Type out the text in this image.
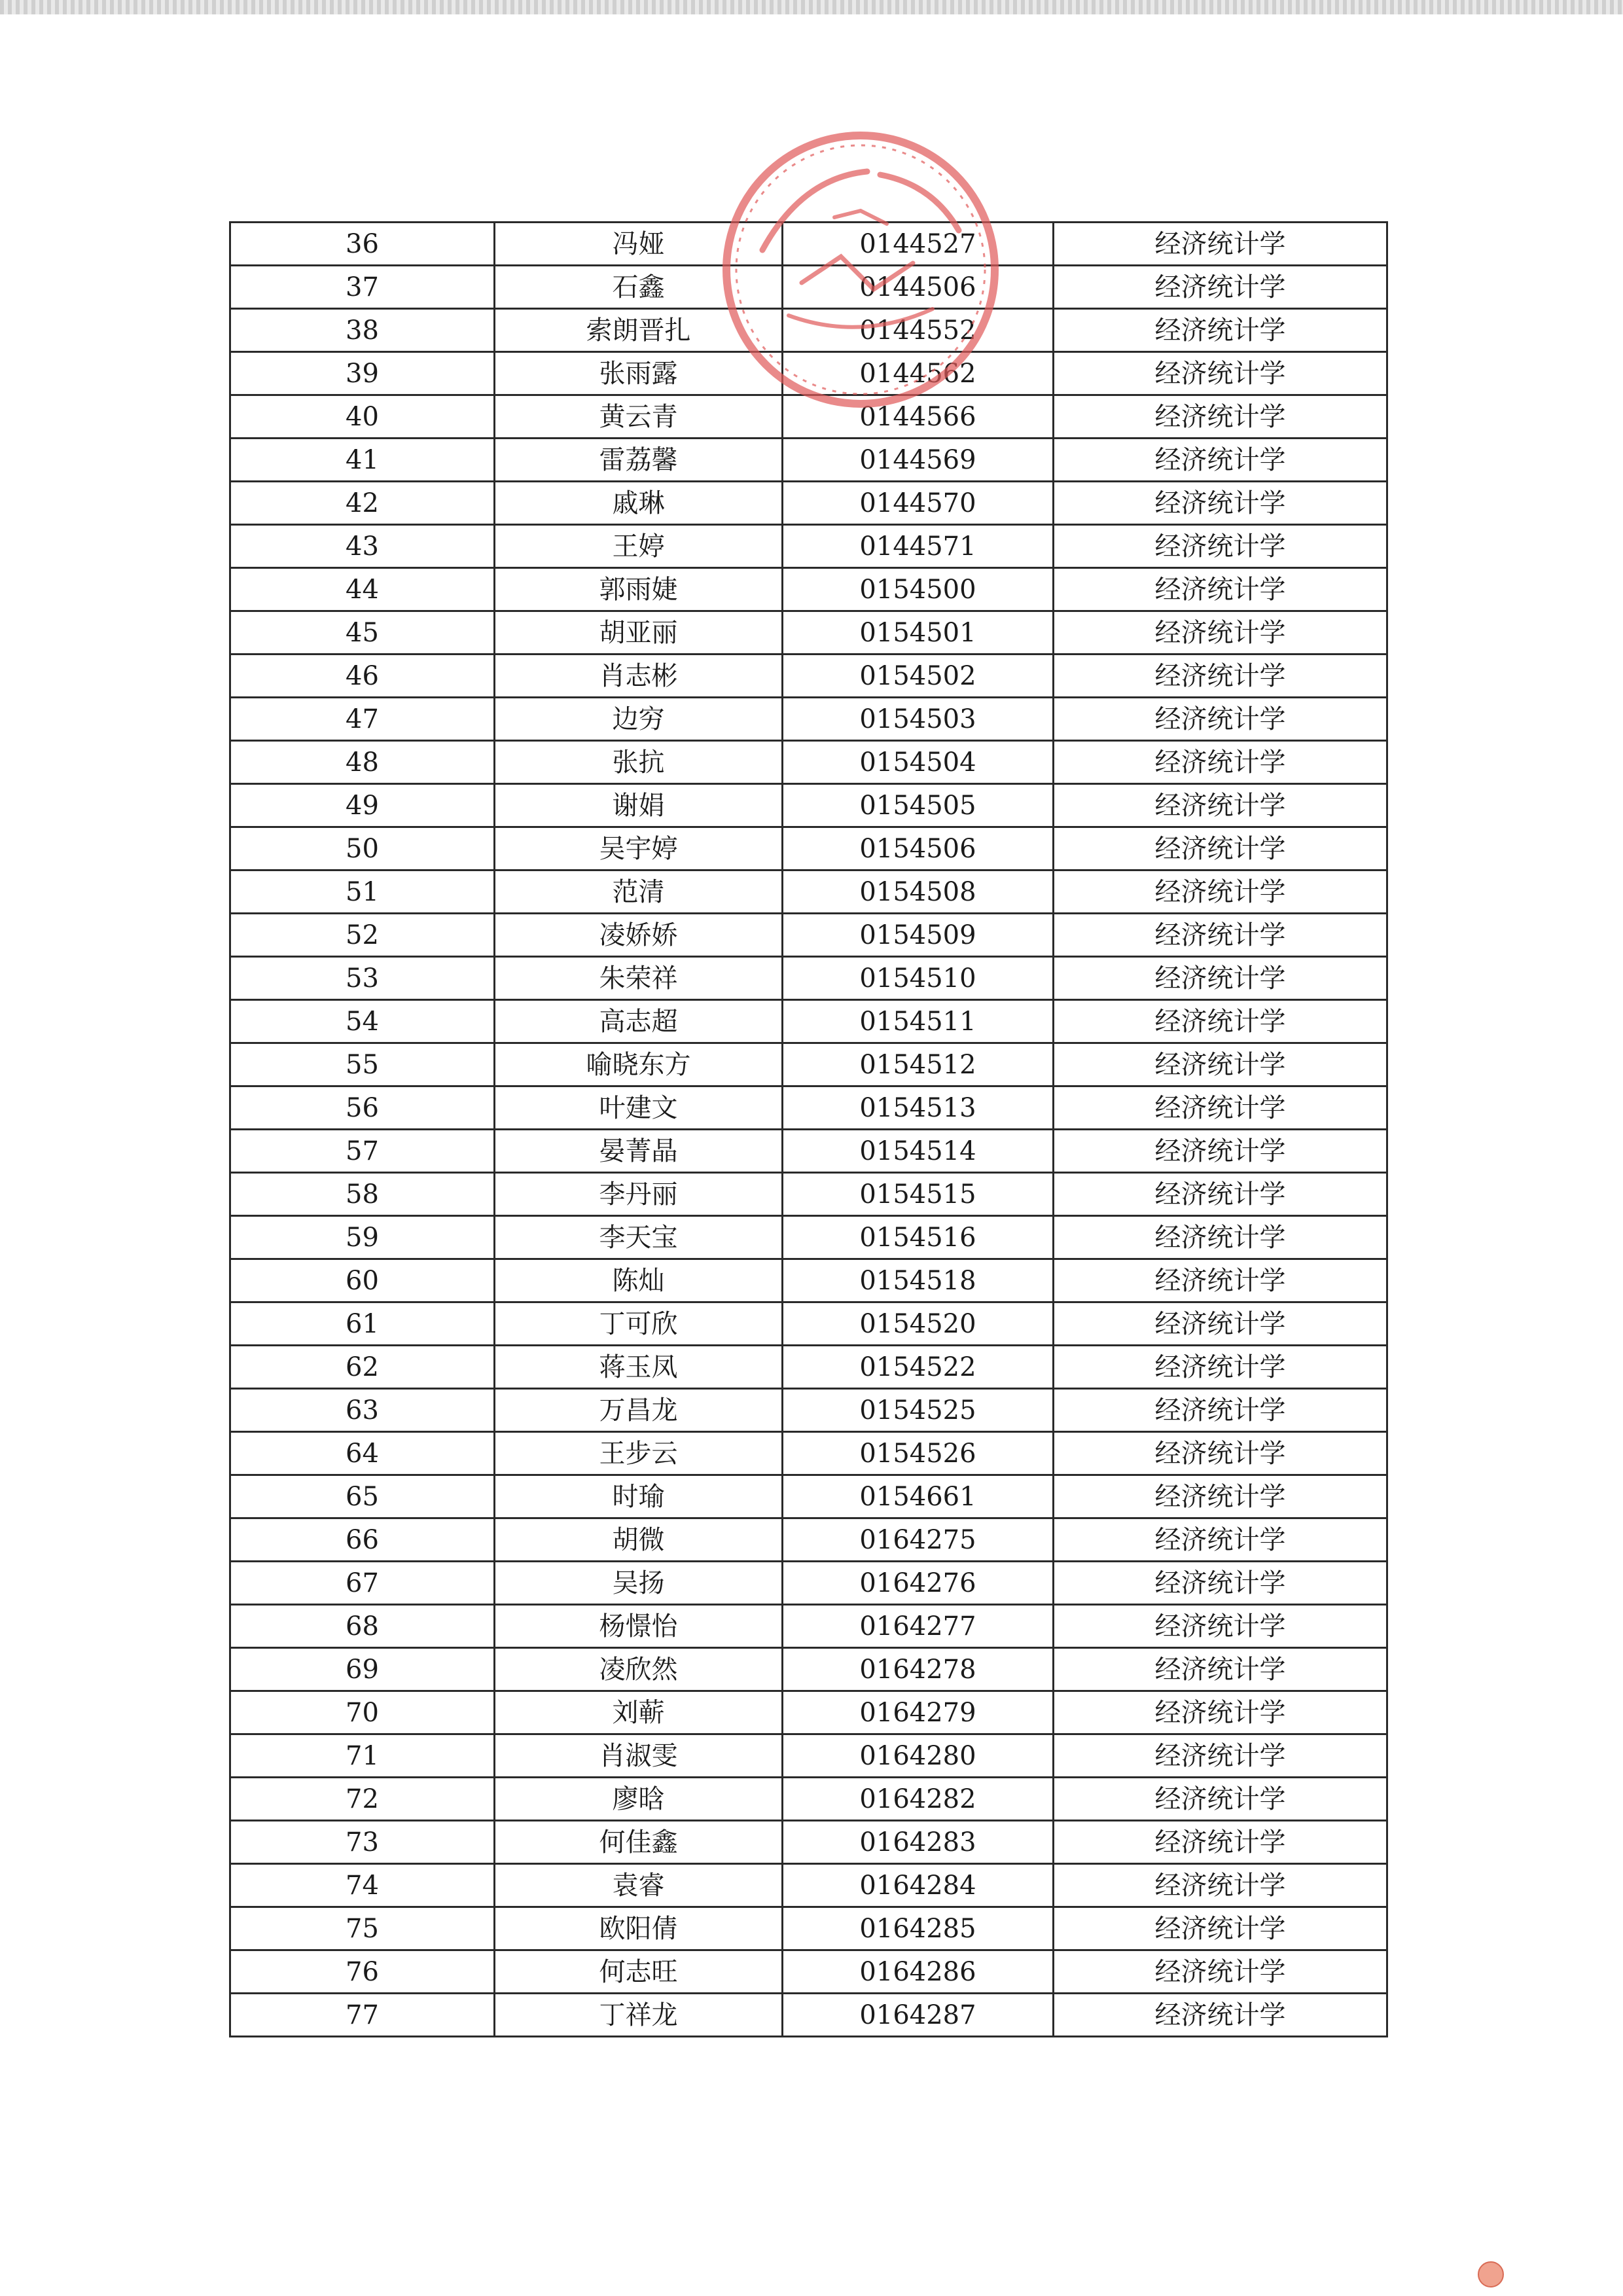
36	冯娅	0144527	经济统计学
37	石鑫	0144506	经济统计学
38	索朗晋扎	0144552	经济统计学
39	张雨露	0144562	经济统计学
40	黄云青	0144566	经济统计学
41	雷荔馨	0144569	经济统计学
42	戚琳	0144570	经济统计学
43	王婷	0144571	经济统计学
44	郭雨婕	0154500	经济统计学
45	胡亚丽	0154501	经济统计学
46	肖志彬	0154502	经济统计学
47	边穷	0154503	经济统计学
48	张抗	0154504	经济统计学
49	谢娟	0154505	经济统计学
50	吴宇婷	0154506	经济统计学
51	范清	0154508	经济统计学
52	凌娇娇	0154509	经济统计学
53	朱荣祥	0154510	经济统计学
54	高志超	0154511	经济统计学
55	喻晓东方	0154512	经济统计学
56	叶建文	0154513	经济统计学
57	晏菁晶	0154514	经济统计学
58	李丹丽	0154515	经济统计学
59	李天宝	0154516	经济统计学
60	陈灿	0154518	经济统计学
61	丁可欣	0154520	经济统计学
62	蒋玉凤	0154522	经济统计学
63	万昌龙	0154525	经济统计学
64	王步云	0154526	经济统计学
65	时瑜	0154661	经济统计学
66	胡微	0164275	经济统计学
67	吴扬	0164276	经济统计学
68	杨憬怡	0164277	经济统计学
69	凌欣然	0164278	经济统计学
70	刘蕲	0164279	经济统计学
71	肖淑雯	0164280	经济统计学
72	廖晗	0164282	经济统计学
73	何佳鑫	0164283	经济统计学
74	袁睿	0164284	经济统计学
75	欧阳倩	0164285	经济统计学
76	何志旺	0164286	经济统计学
77	丁祥龙	0164287	经济统计学
